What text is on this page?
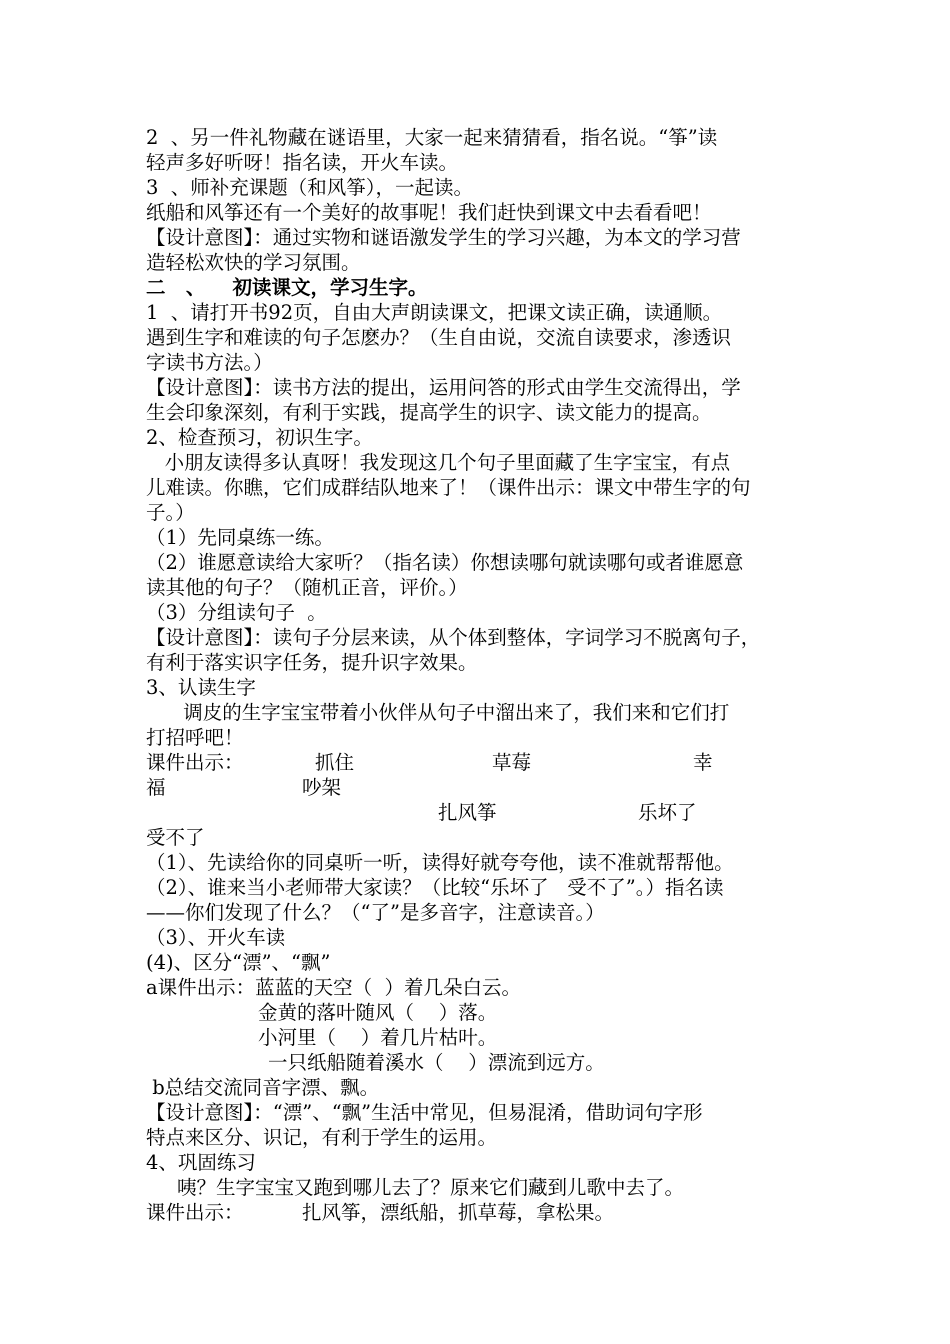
2  、另一件礼物藏在谜语里，大家一起来猜猜看，指名说。“筝”读
轻声多好听呀！指名读，开火车读。
3  、师补充课题（和风筝），一起读。
纸船和风筝还有一个美好的故事呢！我们赶快到课文中去看看吧！
【设计意图】：通过实物和谜语激发学生的学习兴趣，为本文的学习营
造轻松欢快的学习氛围。
二   、    初读课文，学习生字。
1  、请打开书92页，自由大声朗读课文，把课文读正确，读通顺。
遇到生字和难读的句子怎麽办？（生自由说，交流自读要求，渗透识
字读书方法。）
【设计意图】：读书方法的提出，运用问答的形式由学生交流得出，学
生会印象深刻，有利于实践，提高学生的识字、读文能力的提高。
2、检查预习，初识生字。
小朋友读得多认真呀！我发现这几个句子里面藏了生字宝宝，有点
儿难读。你瞧，它们成群结队地来了！（课件出示：课文中带生字的句
子。）
（1）先同桌练一练。
（2）谁愿意读给大家听？（指名读）你想读哪句就读哪句或者谁愿意
读其他的句子？（随机正音，评价。）
（3）分组读句子  。
【设计意图】：读句子分层来读，从个体到整体，字词学习不脱离句子，
有利于落实识字任务，提升识字效果。
3、认读生字
调皮的生字宝宝带着小伙伴从句子中溜出来了，我们来和它们打
打招呼吧！
课件出示：	抓住	草莓	幸
福	吵架
扎风筝	乐坏了
受不了
（1）、先读给你的同桌听一听，读得好就夸夸他，读不准就帮帮他。
（2）、谁来当小老师带大家读？（比较“乐坏了   受不了”。）指名读
——你们发现了什么？（“了”是多音字，注意读音。）
（3）、开火车读
(4)、区分“漂”、“飘”
a课件出示：蓝蓝的天空（  ）着几朵白云。
金黄的落叶随风（    ）落。
小河里（    ）着几片枯叶。
一只纸船随着溪水（    ）漂流到远方。
b总结交流同音字漂、飘。
【设计意图】：“漂”、“飘”生活中常见，但易混淆，借助词句字形
特点来区分、识记，有利于学生的运用。
4、巩固练习
咦？生字宝宝又跑到哪儿去了？原来它们藏到儿歌中去了。
课件出示：	扎风筝，漂纸船，抓草莓，拿松果。
